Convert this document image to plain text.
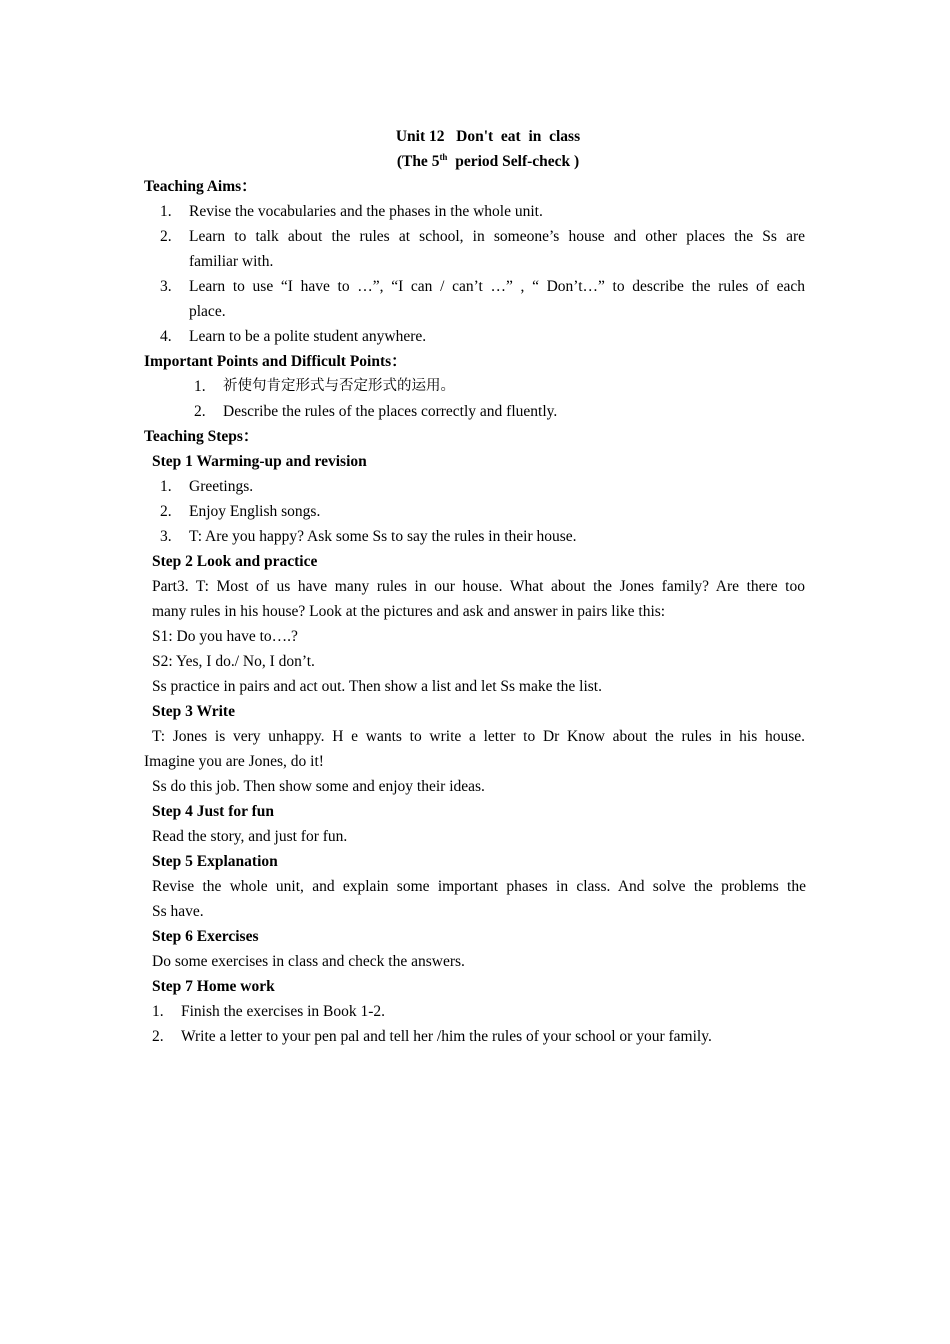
Unit 12   Don't  eat  in  class
(The 5th  period Self-check )
Teaching Aims：
1. Revise the vocabularies and the phases in the whole unit.
2. Learn to talk about the rules at school, in someone’s house and other places the Ss are
familiar with.
3. Learn to use “I have to …”, “I can / can’t …” , “ Don’t…” to describe the rules of each
place.
4. Learn to be a polite student anywhere.
Important Points and Difficult Points：
1. 祈使句肯定形式与否定形式的运用。
2. Describe the rules of the places correctly and fluently.
Teaching Steps：
Step 1 Warming-up and revision
1. Greetings.
2. Enjoy English songs.
3. T: Are you happy? Ask some Ss to say the rules in their house.
Step 2 Look and practice
Part3. T: Most of us have many rules in our house. What about the Jones family? Are there too
many rules in his house? Look at the pictures and ask and answer in pairs like this:
S1: Do you have to….?
S2: Yes, I do./ No, I don’t.
Ss practice in pairs and act out. Then show a list and let Ss make the list.
Step 3 Write
T: Jones is very unhappy. H e wants to write a letter to Dr Know about the rules in his house.
Imagine you are Jones, do it!
Ss do this job. Then show some and enjoy their ideas.
Step 4 Just for fun
Read the story, and just for fun.
Step 5 Explanation
Revise the whole unit, and explain some important phases in class. And solve the problems the
Ss have.
Step 6 Exercises
Do some exercises in class and check the answers.
Step 7 Home work
1. Finish the exercises in Book 1-2.
2. Write a letter to your pen pal and tell her /him the rules of your school or your family.
